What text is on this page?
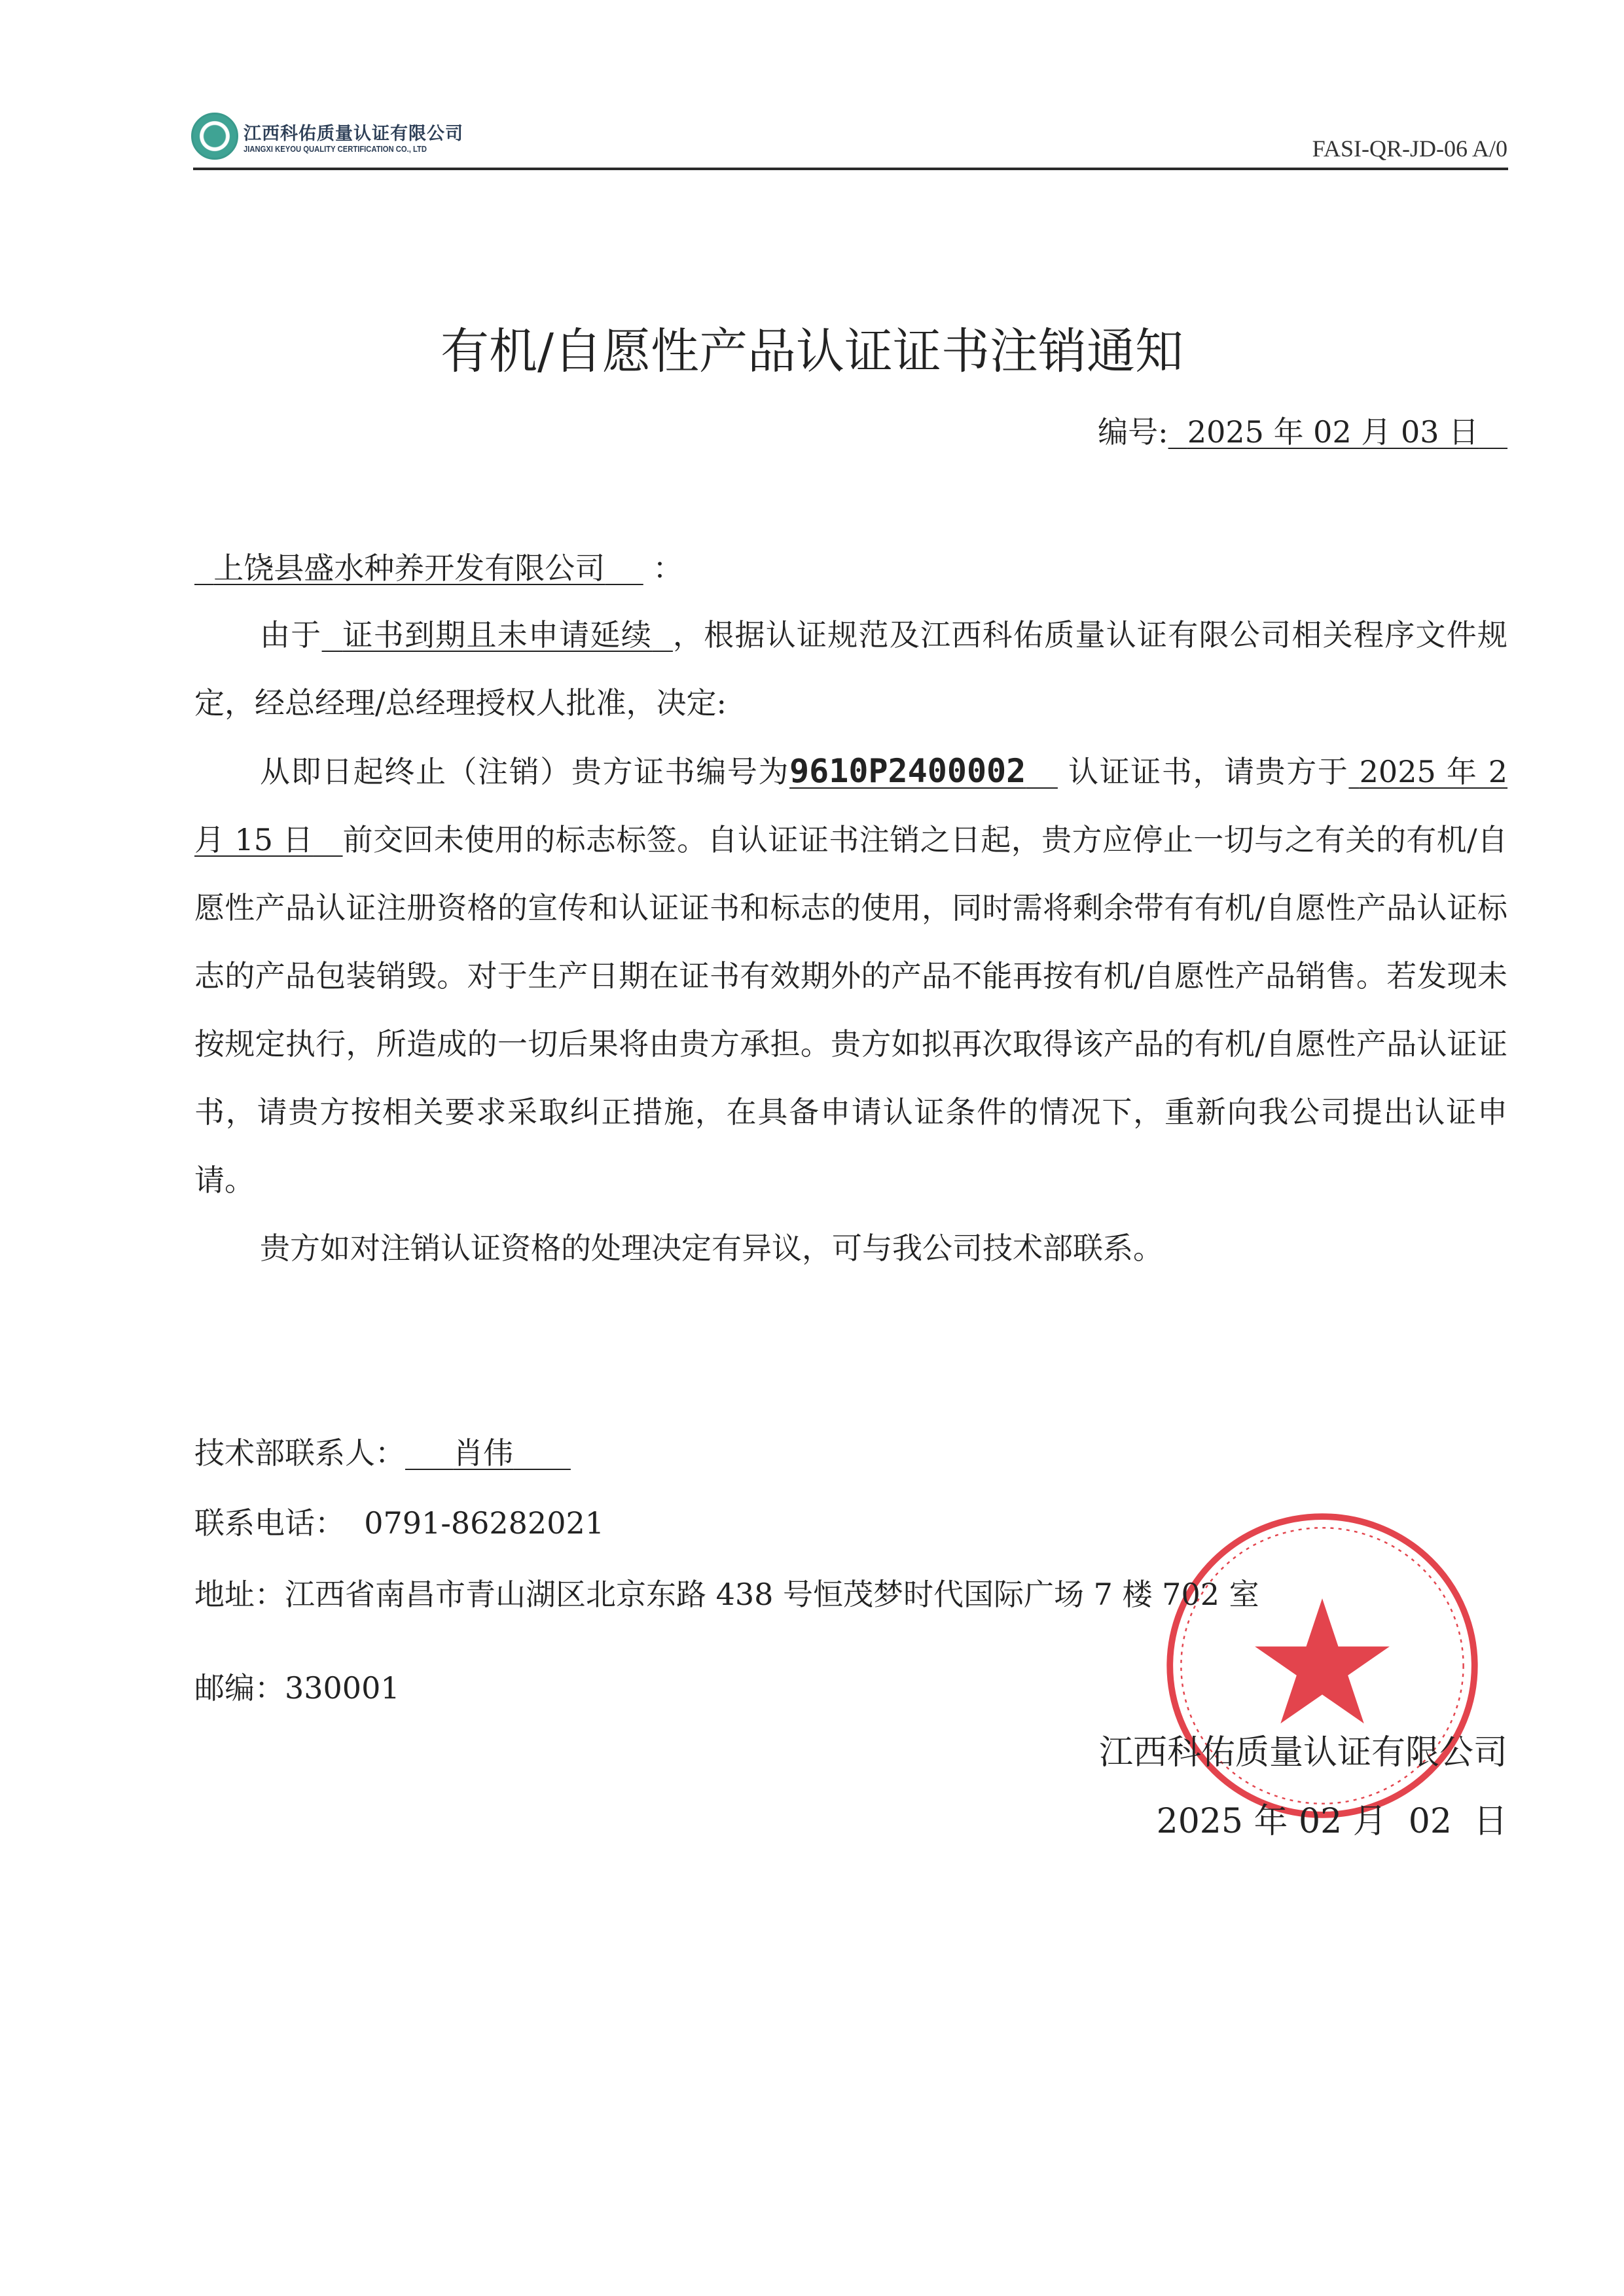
江西科佑质量认证有限公司
JIANGXI KEYOU QUALITY CERTIFICATION CO., LTD	FASI-QR-JD-06 A/0
有机/自愿性产品认证证书注销通知
编号: 2025 年 02 月 03 日
上饶县盛水种养开发有限公司 ：

由于 证书到期且未申请延续 ，根据认证规范及江西科佑质量认证有限公司相关程序文件规定，经总经理/总经理授权人批准，决定:

从即日起终止（注销）贵方证书编号为9610P2400002 认证证书，请贵方于 2025 年 2 月 15 日 前交回未使用的标志标签。自认证证书注销之日起，贵方应停止一切与之有关的有机/自愿性产品认证注册资格的宣传和认证证书和标志的使用，同时需将剩余带有有机/自愿性产品认证标志的产品包装销毁。对于生产日期在证书有效期外的产品不能再按有机/自愿性产品销售。若发现未按规定执行，所造成的一切后果将由贵方承担。贵方如拟再次取得该产品的有机/自愿性产品认证证书，请贵方按相关要求采取纠正措施，在具备申请认证条件的情况下，重新向我公司提出认证申请。

贵方如对注销认证资格的处理决定有异议，可与我公司技术部联系。

技术部联系人： 肖伟
联系电话： 0791-86282021
地址：江西省南昌市青山湖区北京东路 438 号恒茂梦时代国际广场 7 楼 702 室
邮编：330001
江西科佑质量认证有限公司
2025 年 02 月  02  日
